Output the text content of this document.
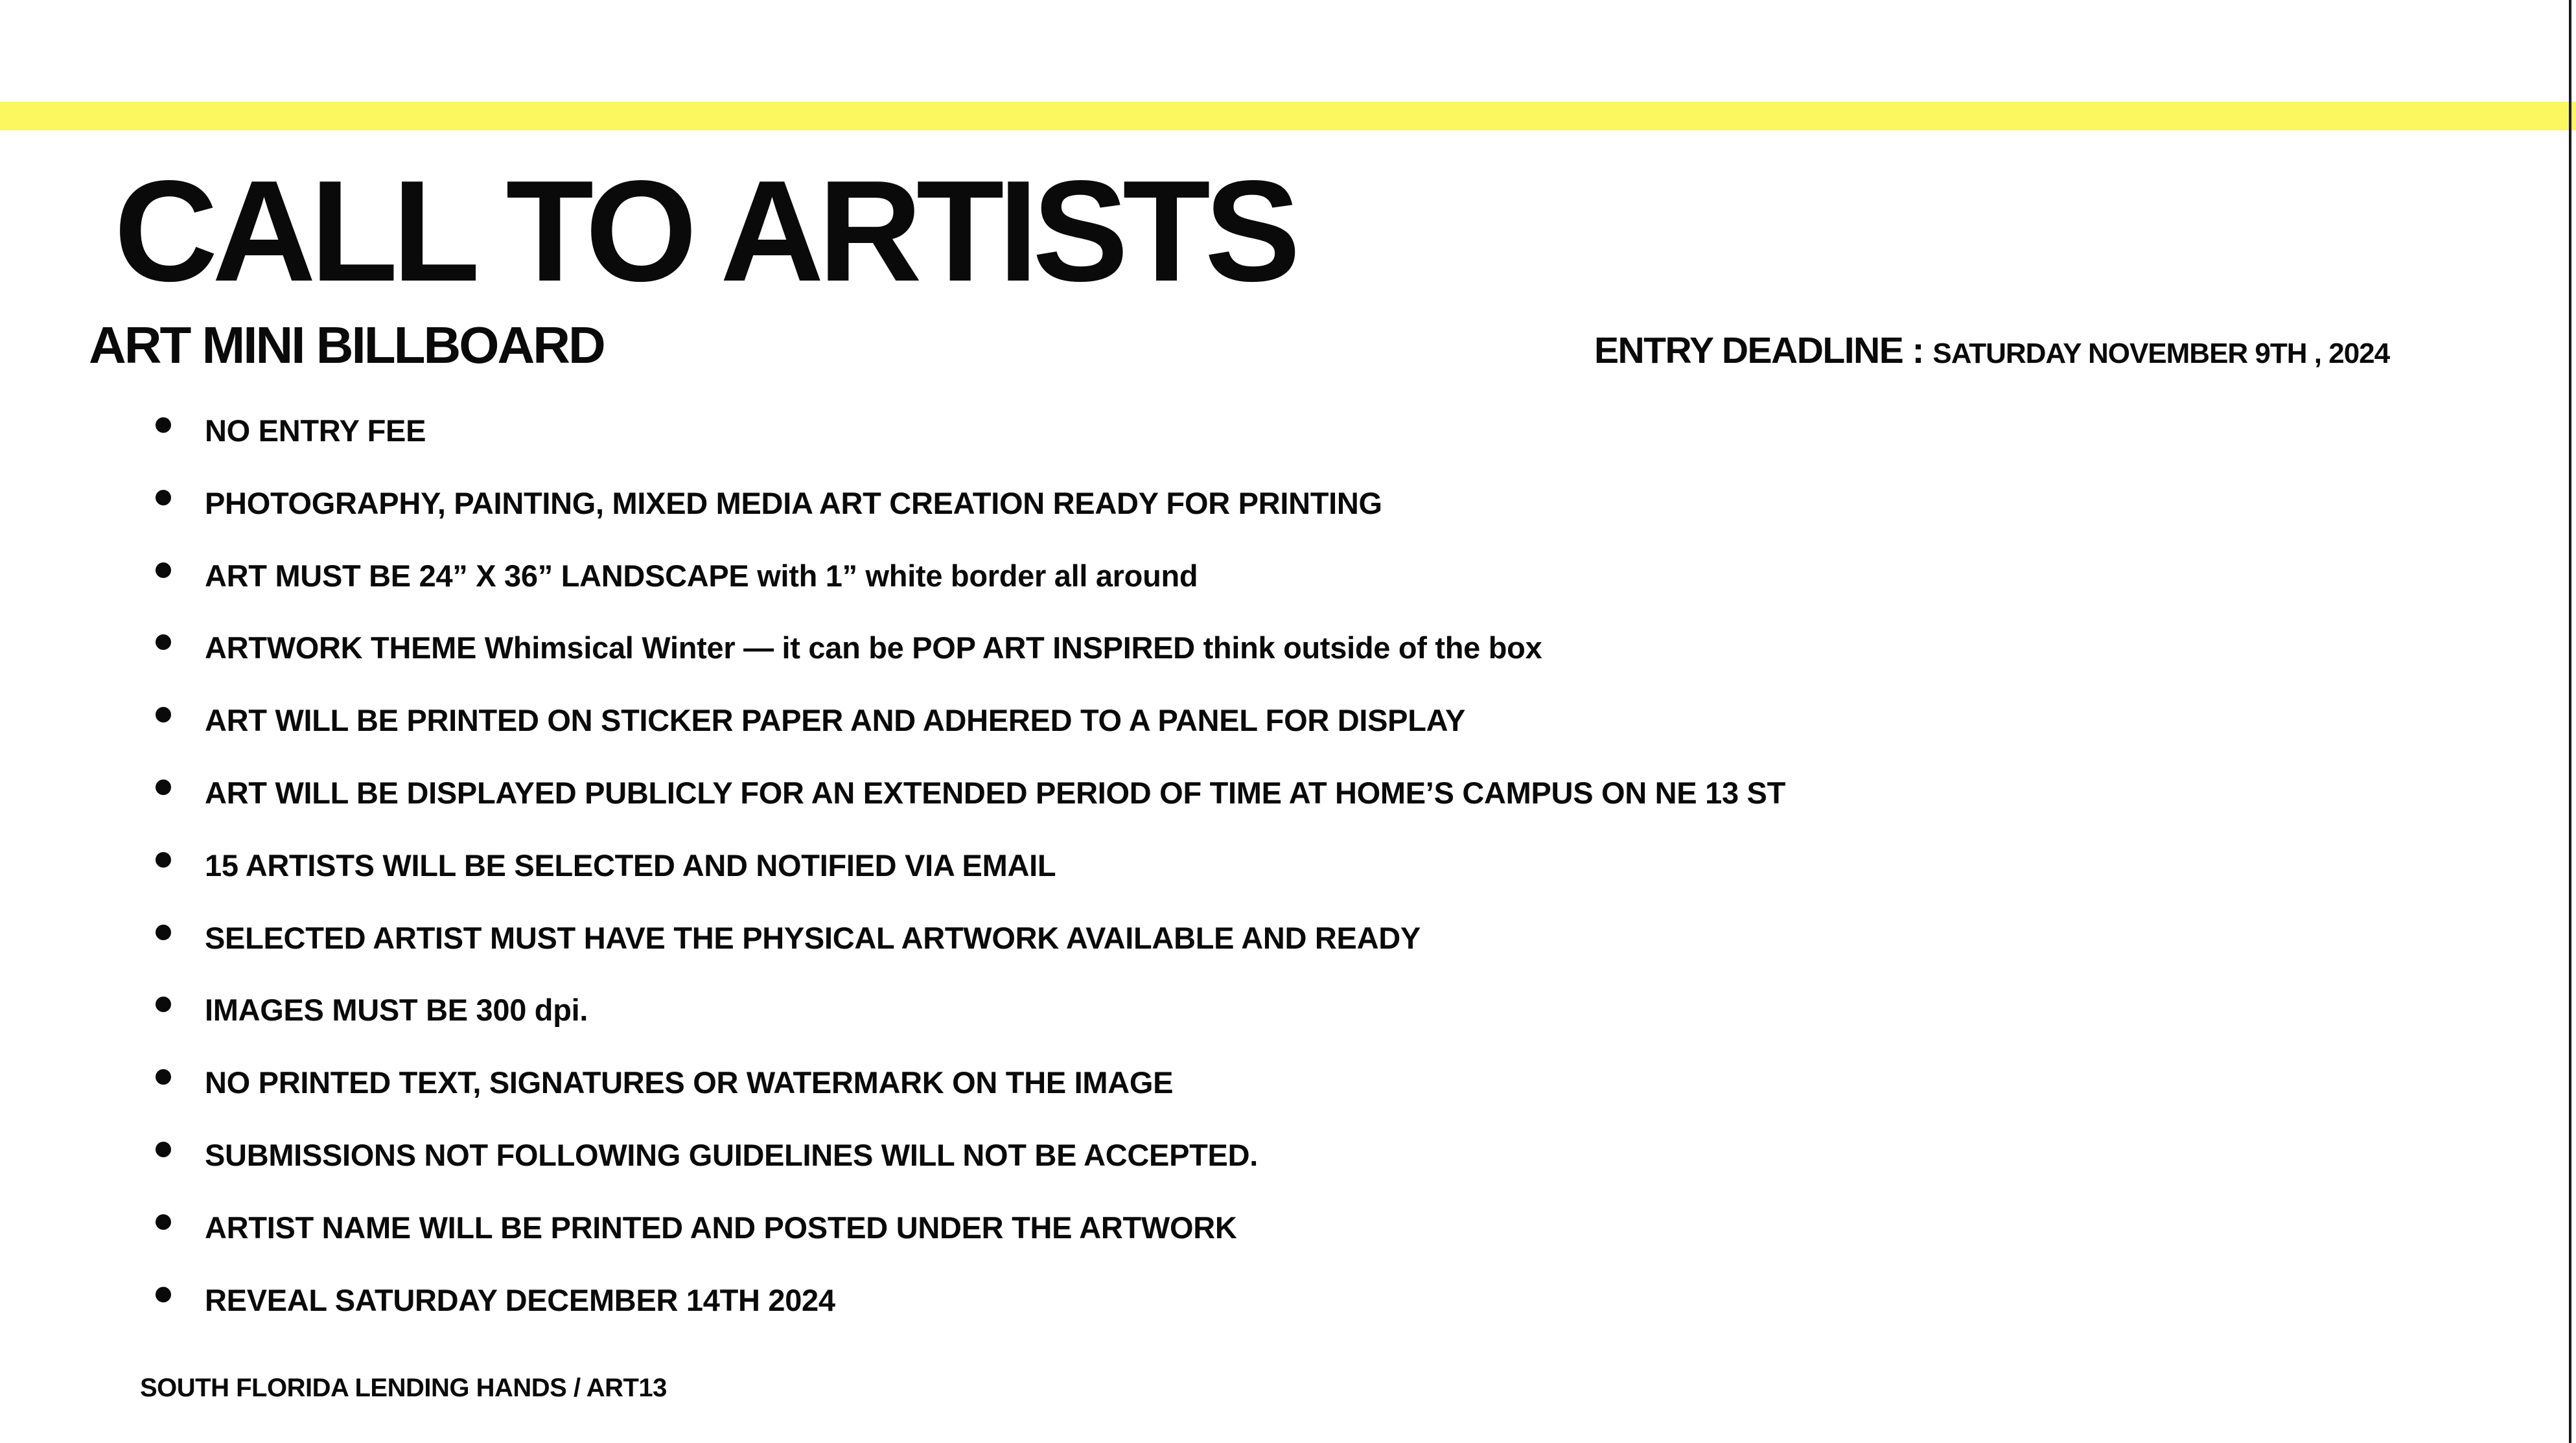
CALL TO ARTISTS
ART MINI BILLBOARD	ENTRY DEADLINE : SATURDAY NOVEMBER 9TH , 2024

NO ENTRY FEE
PHOTOGRAPHY, PAINTING, MIXED MEDIA ART CREATION READY FOR PRINTING
ART MUST BE 24” X 36” LANDSCAPE with 1” white border all around
ARTWORK THEME Whimsical Winter — it can be POP ART INSPIRED think outside of the box
ART WILL BE PRINTED ON STICKER PAPER AND ADHERED TO A PANEL FOR DISPLAY
ART WILL BE DISPLAYED PUBLICLY FOR AN EXTENDED PERIOD OF TIME AT HOME’S CAMPUS ON NE 13 ST
15 ARTISTS WILL BE SELECTED AND NOTIFIED VIA EMAIL
SELECTED ARTIST MUST HAVE THE PHYSICAL ARTWORK AVAILABLE AND READY
IMAGES MUST BE 300 dpi.
NO PRINTED TEXT, SIGNATURES OR WATERMARK ON THE IMAGE
SUBMISSIONS NOT FOLLOWING GUIDELINES WILL NOT BE ACCEPTED.
ARTIST NAME WILL BE PRINTED AND POSTED UNDER THE ARTWORK
REVEAL SATURDAY DECEMBER 14TH 2024

SOUTH FLORIDA LENDING HANDS / ART13
